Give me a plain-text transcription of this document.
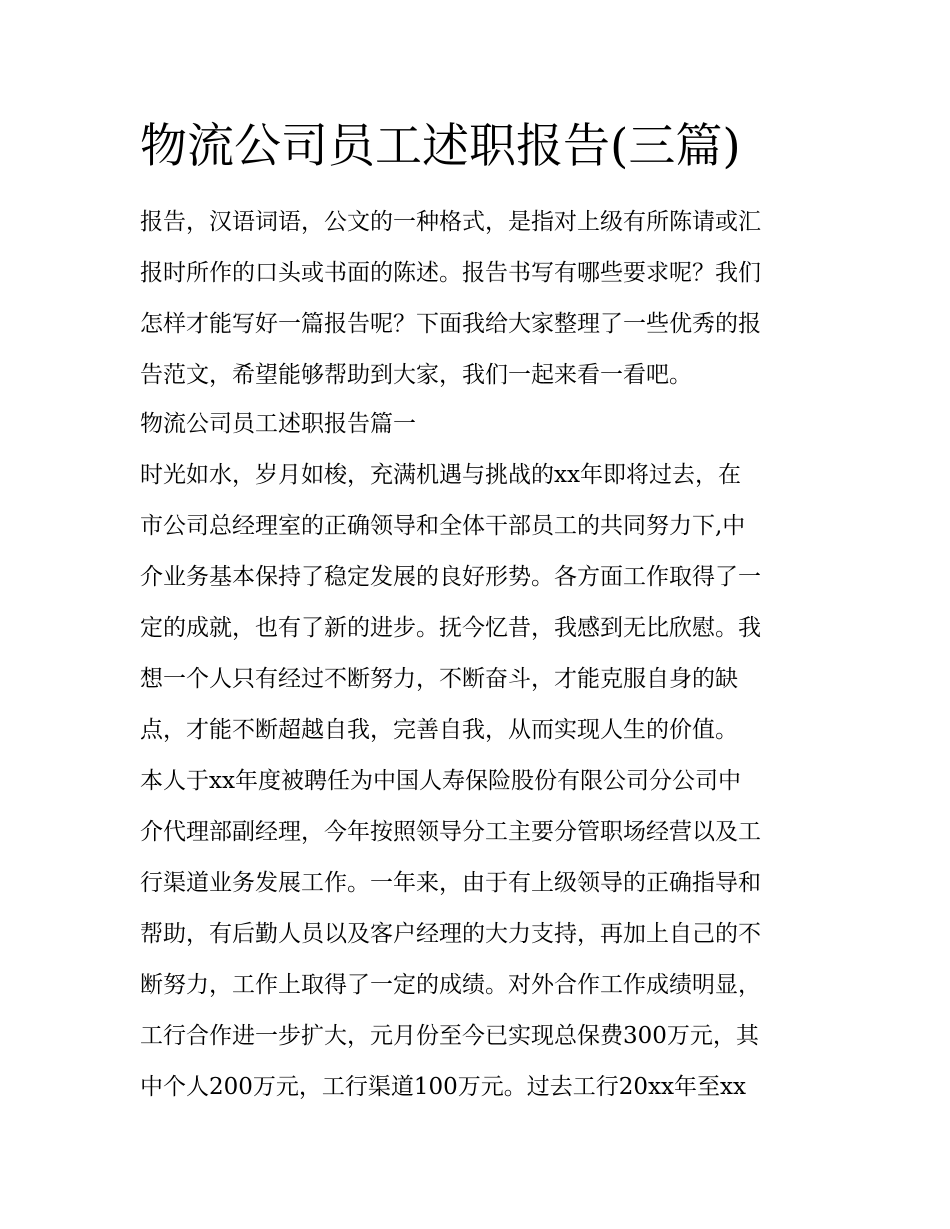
物流公司员工述职报告(三篇)

报告，汉语词语，公文的一种格式，是指对上级有所陈请或汇

报时所作的口头或书面的陈述。报告书写有哪些要求呢？我们

怎样才能写好一篇报告呢？下面我给大家整理了一些优秀的报

告范文，希望能够帮助到大家，我们一起来看一看吧。

物流公司员工述职报告篇一

时光如水，岁月如梭，充满机遇与挑战的xx年即将过去，在

市公司总经理室的正确领导和全体干部员工的共同努力下,中

介业务基本保持了稳定发展的良好形势。各方面工作取得了一

定的成就，也有了新的进步。抚今忆昔，我感到无比欣慰。我

想一个人只有经过不断努力，不断奋斗，才能克服自身的缺

点，才能不断超越自我，完善自我，从而实现人生的价值。

本人于xx年度被聘任为中国人寿保险股份有限公司分公司中

介代理部副经理，今年按照领导分工主要分管职场经营以及工

行渠道业务发展工作。一年来，由于有上级领导的正确指导和

帮助，有后勤人员以及客户经理的大力支持，再加上自己的不

断努力，工作上取得了一定的成绩。对外合作工作成绩明显，

工行合作进一步扩大，元月份至今已实现总保费300万元，其

中个人200万元，工行渠道100万元。过去工行20xx年至xx
